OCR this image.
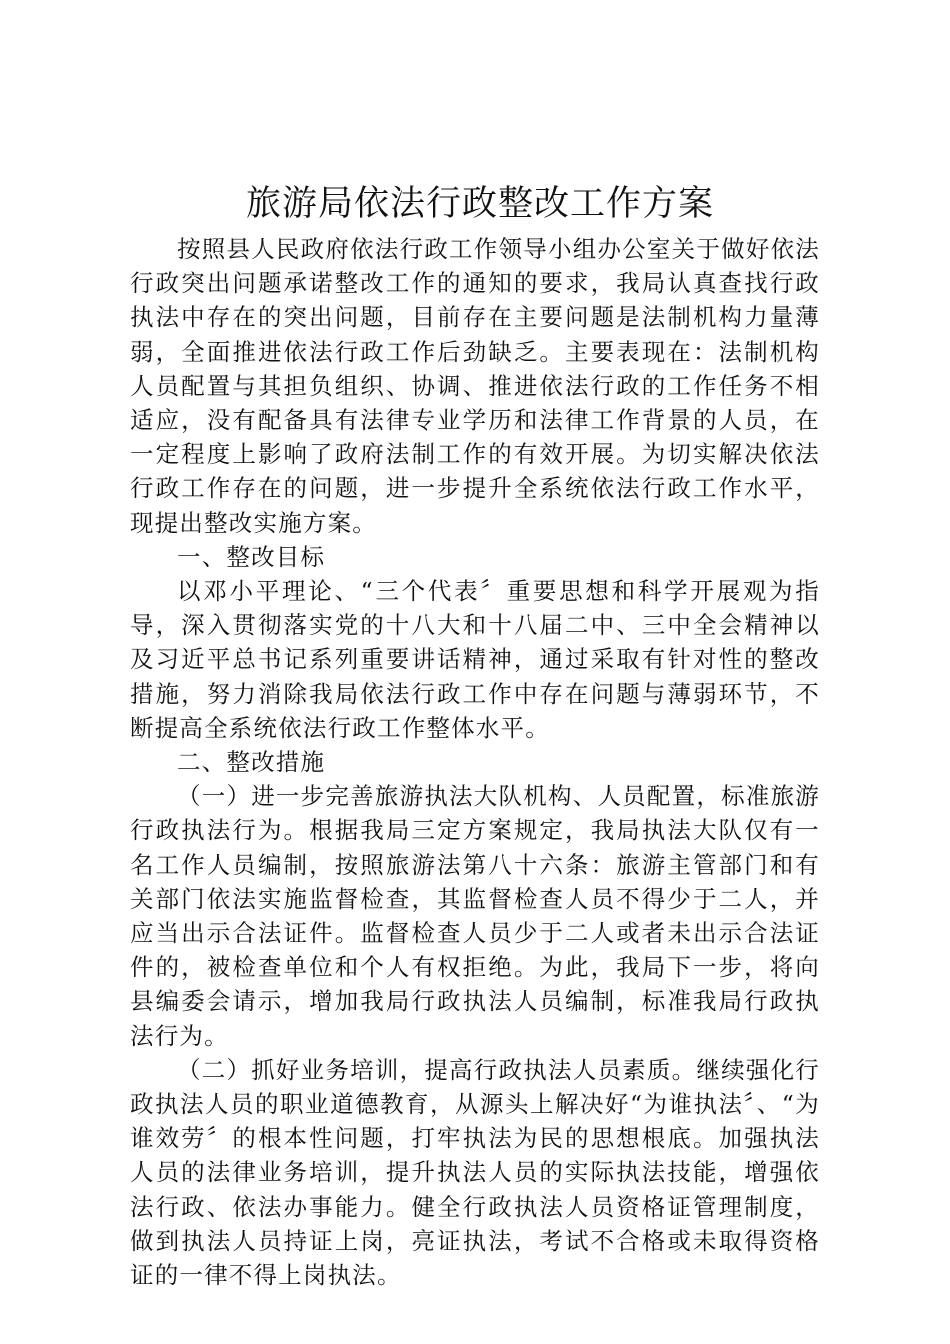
旅游局依法行政整改工作方案

按照县人民政府依法行政工作领导小组办公室关于做好依法行政突出问题承诺整改工作的通知的要求，我局认真查找行政执法中存在的突出问题，目前存在主要问题是法制机构力量薄弱，全面推进依法行政工作后劲缺乏。主要表现在：法制机构人员配置与其担负组织、协调、推进依法行政的工作任务不相适应，没有配备具有法律专业学历和法律工作背景的人员，在一定程度上影响了政府法制工作的有效开展。为切实解决依法行政工作存在的问题，进一步提升全系统依法行政工作水平，现提出整改实施方案。

一、整改目标

以邓小平理论、“三个代表〞重要思想和科学开展观为指导，深入贯彻落实党的十八大和十八届二中、三中全会精神以及习近平总书记系列重要讲话精神，通过采取有针对性的整改措施，努力消除我局依法行政工作中存在问题与薄弱环节，不断提高全系统依法行政工作整体水平。

二、整改措施

（一）进一步完善旅游执法大队机构、人员配置，标准旅游行政执法行为。根据我局三定方案规定，我局执法大队仅有一名工作人员编制，按照旅游法第八十六条：旅游主管部门和有关部门依法实施监督检查，其监督检查人员不得少于二人，并应当出示合法证件。监督检查人员少于二人或者未出示合法证件的，被检查单位和个人有权拒绝。为此，我局下一步，将向县编委会请示，增加我局行政执法人员编制，标准我局行政执法行为。

（二）抓好业务培训，提高行政执法人员素质。继续强化行政执法人员的职业道德教育，从源头上解决好“为谁执法〞、“为谁效劳〞的根本性问题，打牢执法为民的思想根底。加强执法人员的法律业务培训，提升执法人员的实际执法技能，增强依法行政、依法办事能力。健全行政执法人员资格证管理制度，做到执法人员持证上岗，亮证执法，考试不合格或未取得资格证的一律不得上岗执法。
